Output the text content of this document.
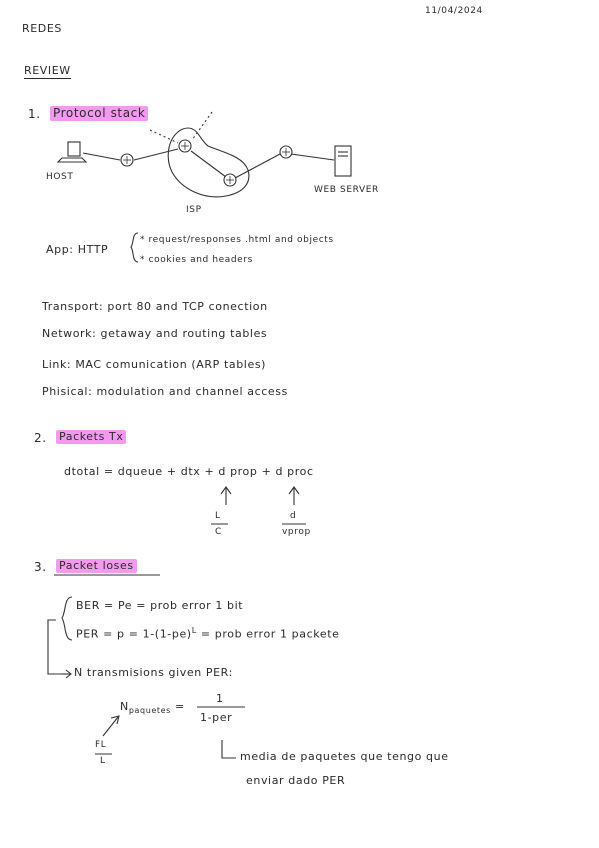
11/04/2024
REDES
REVIEW
1. Protocol stack
HOST
ISP
WEB SERVER
App: HTTP
* request/responses .html and objects
* cookies and headers
Transport: port 80 and TCP conection
Network: getaway and routing tables
Link: MAC comunication (ARP tables)
Phisical: modulation and channel access
2. Packets Tx
dtotal = dqueue + dtx + d prop + d proc
L
C
d
vprop
3. Packet loses
BER = Pe = prob error 1 bit
PER = $p = 1-(1-pe)^L$ = prob error 1 packete
N transmisions given PER:
$N_{paquetes}$ =
1
1-per
FL
L	media de paquetes que tengo que
enviar dado PER
